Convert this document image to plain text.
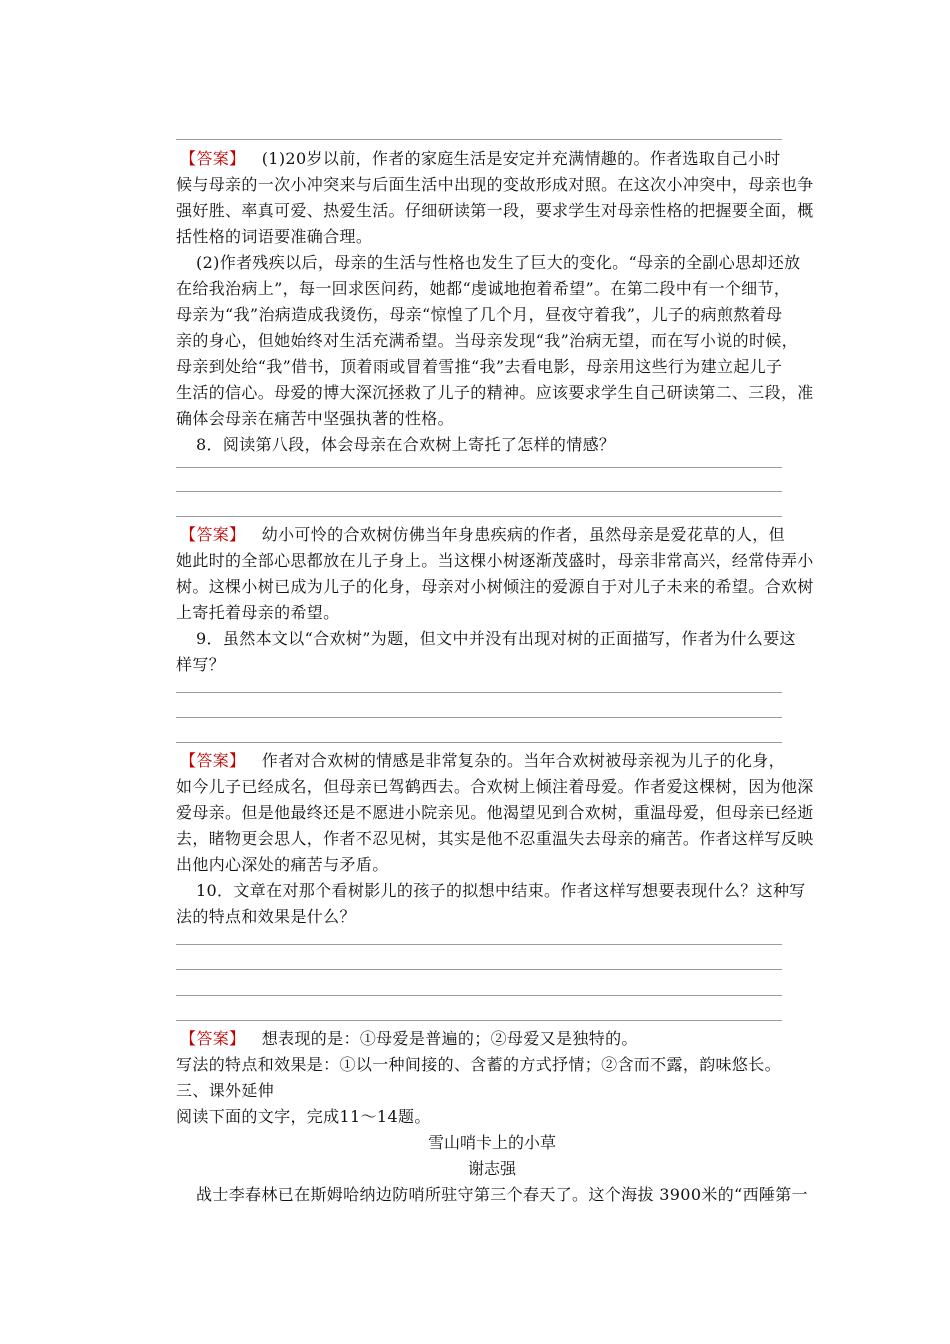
【答案】 (1)20岁以前，作者的家庭生活是安定并充满情趣的。作者选取自己小时
候与母亲的一次小冲突来与后面生活中出现的变故形成对照。在这次小冲突中，母亲也争
强好胜、率真可爱、热爱生活。仔细研读第一段，要求学生对母亲性格的把握要全面，概
括性格的词语要准确合理。
(2)作者残疾以后，母亲的生活与性格也发生了巨大的变化。“母亲的全副心思却还放
在给我治病上”，每一回求医问药，她都“虔诚地抱着希望”。在第二段中有一个细节，
母亲为“我”治病造成我烫伤，母亲“惊惶了几个月，昼夜守着我”，儿子的病煎熬着母
亲的身心，但她始终对生活充满希望。当母亲发现“我”治病无望，而在写小说的时候，
母亲到处给“我”借书，顶着雨或冒着雪推“我”去看电影，母亲用这些行为建立起儿子
生活的信心。母爱的博大深沉拯救了儿子的精神。应该要求学生自己研读第二、三段，准
确体会母亲在痛苦中坚强执著的性格。
8．阅读第八段，体会母亲在合欢树上寄托了怎样的情感？
【答案】 幼小可怜的合欢树仿佛当年身患疾病的作者，虽然母亲是爱花草的人，但
她此时的全部心思都放在儿子身上。当这棵小树逐渐茂盛时，母亲非常高兴，经常侍弄小
树。这棵小树已成为儿子的化身，母亲对小树倾注的爱源自于对儿子未来的希望。合欢树
上寄托着母亲的希望。
9．虽然本文以“合欢树”为题，但文中并没有出现对树的正面描写，作者为什么要这
样写？
【答案】 作者对合欢树的情感是非常复杂的。当年合欢树被母亲视为儿子的化身，
如今儿子已经成名，但母亲已驾鹤西去。合欢树上倾注着母爱。作者爱这棵树，因为他深
爱母亲。但是他最终还是不愿进小院亲见。他渴望见到合欢树，重温母爱，但母亲已经逝
去，睹物更会思人，作者不忍见树，其实是他不忍重温失去母亲的痛苦。作者这样写反映
出他内心深处的痛苦与矛盾。
10．文章在对那个看树影儿的孩子的拟想中结束。作者这样写想要表现什么？这种写
法的特点和效果是什么？
【答案】 想表现的是：①母爱是普遍的；②母爱又是独特的。
写法的特点和效果是：①以一种间接的、含蓄的方式抒情；②含而不露，韵味悠长。
三、课外延伸
阅读下面的文字，完成11～14题。
雪山哨卡上的小草
谢志强
战士李春林已在斯姆哈纳边防哨所驻守第三个春天了。这个海拔 3900米的“西陲第一
